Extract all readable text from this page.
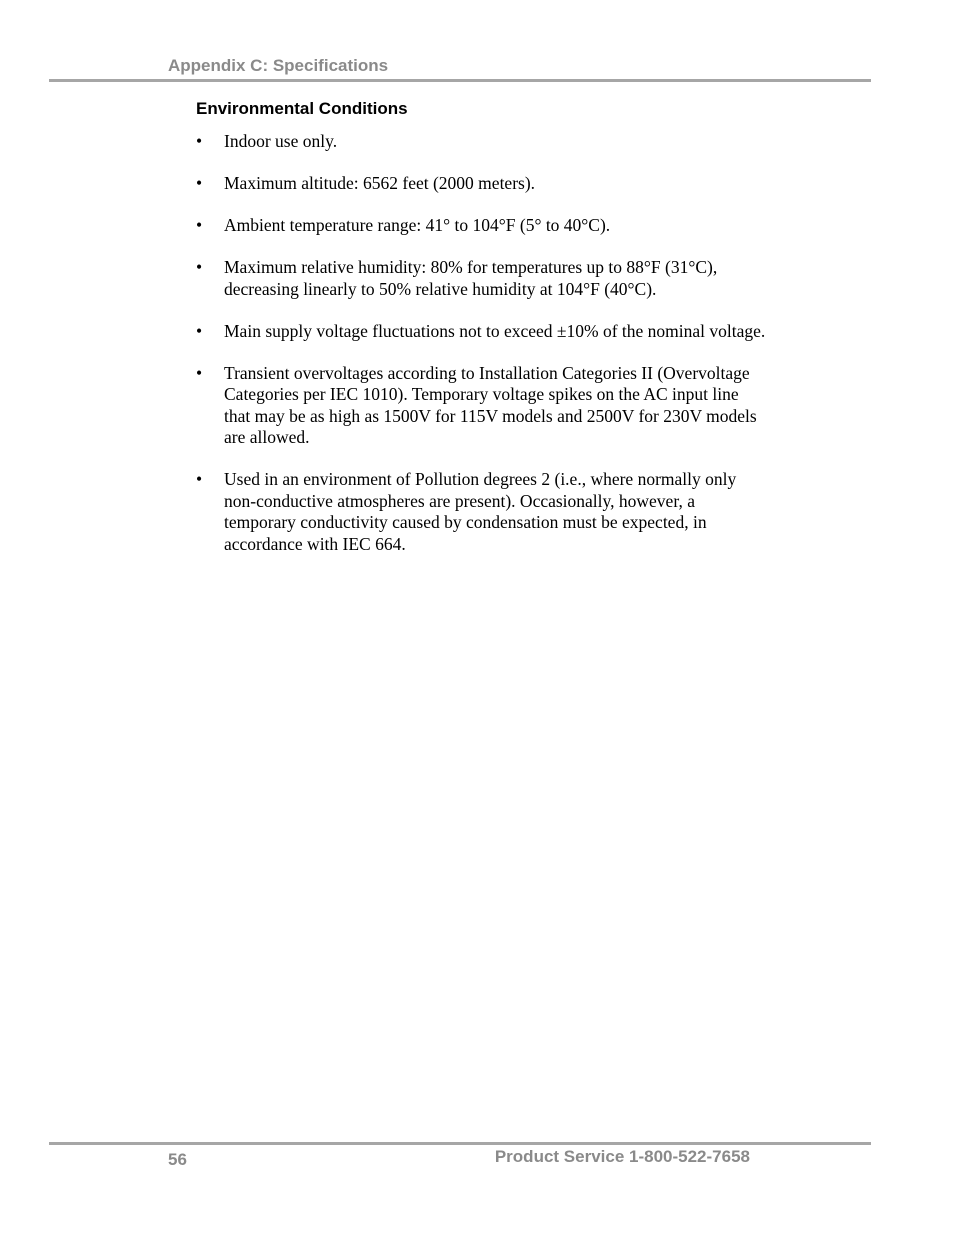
Appendix C: Specifications
Environmental Conditions
• Indoor use only.
• Maximum altitude: 6562 feet (2000 meters).
• Ambient temperature range: 41° to 104°F (5° to 40°C).
• Maximum relative humidity: 80% for temperatures up to 88°F (31°C), decreasing linearly to 50% relative humidity at 104°F (40°C).
• Main supply voltage fluctuations not to exceed ±10% of the nominal voltage.
• Transient overvoltages according to Installation Categories II (Overvoltage Categories per IEC 1010). Temporary voltage spikes on the AC input line that may be as high as 1500V for 115V models and 2500V for 230V models are allowed.
• Used in an environment of Pollution degrees 2 (i.e., where normally only non-conductive atmospheres are present). Occasionally, however, a temporary conductivity caused by condensation must be expected, in accordance with IEC 664.
56	Product Service 1-800-522-7658
